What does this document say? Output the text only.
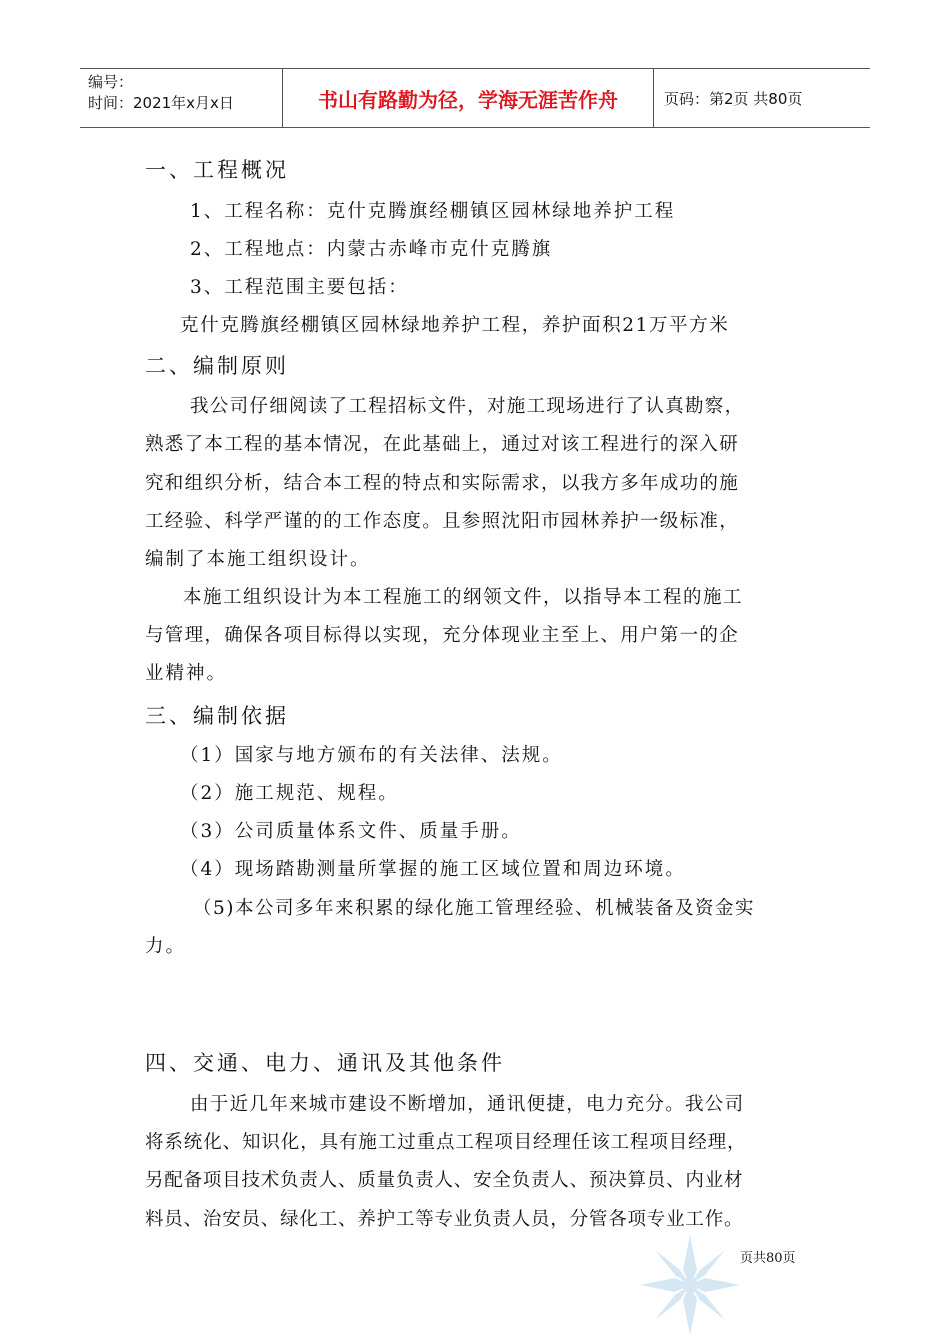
编号：
时间：2021年x月x日	书山有路勤为径，学海无涯苦作舟	页码：第2页 共80页
一、工程概况
1、工程名称：克什克腾旗经棚镇区园林绿地养护工程
2、工程地点：内蒙古赤峰市克什克腾旗
3、工程范围主要包括：
克什克腾旗经棚镇区园林绿地养护工程，养护面积21万平方米
二、编制原则
我公司仔细阅读了工程招标文件，对施工现场进行了认真勘察，
熟悉了本工程的基本情况，在此基础上，通过对该工程进行的深入研
究和组织分析，结合本工程的特点和实际需求，以我方多年成功的施
工经验、科学严谨的的工作态度。且参照沈阳市园林养护一级标准，
编制了本施工组织设计。
本施工组织设计为本工程施工的纲领文件，以指导本工程的施工
与管理，确保各项目标得以实现，充分体现业主至上、用户第一的企
业精神。
三、编制依据
（1）国家与地方颁布的有关法律、法规。
（2）施工规范、规程。
（3）公司质量体系文件、质量手册。
（4）现场踏勘测量所掌握的施工区域位置和周边环境。
（5)本公司多年来积累的绿化施工管理经验、机械装备及资金实
力。
四、交通、电力、通讯及其他条件
由于近几年来城市建设不断增加，通讯便捷，电力充分。我公司
将系统化、知识化，具有施工过重点工程项目经理任该工程项目经理，
另配备项目技术负责人、质量负责人、安全负责人、预决算员、内业材
料员、治安员、绿化工、养护工等专业负责人员，分管各项专业工作。
页共80页
